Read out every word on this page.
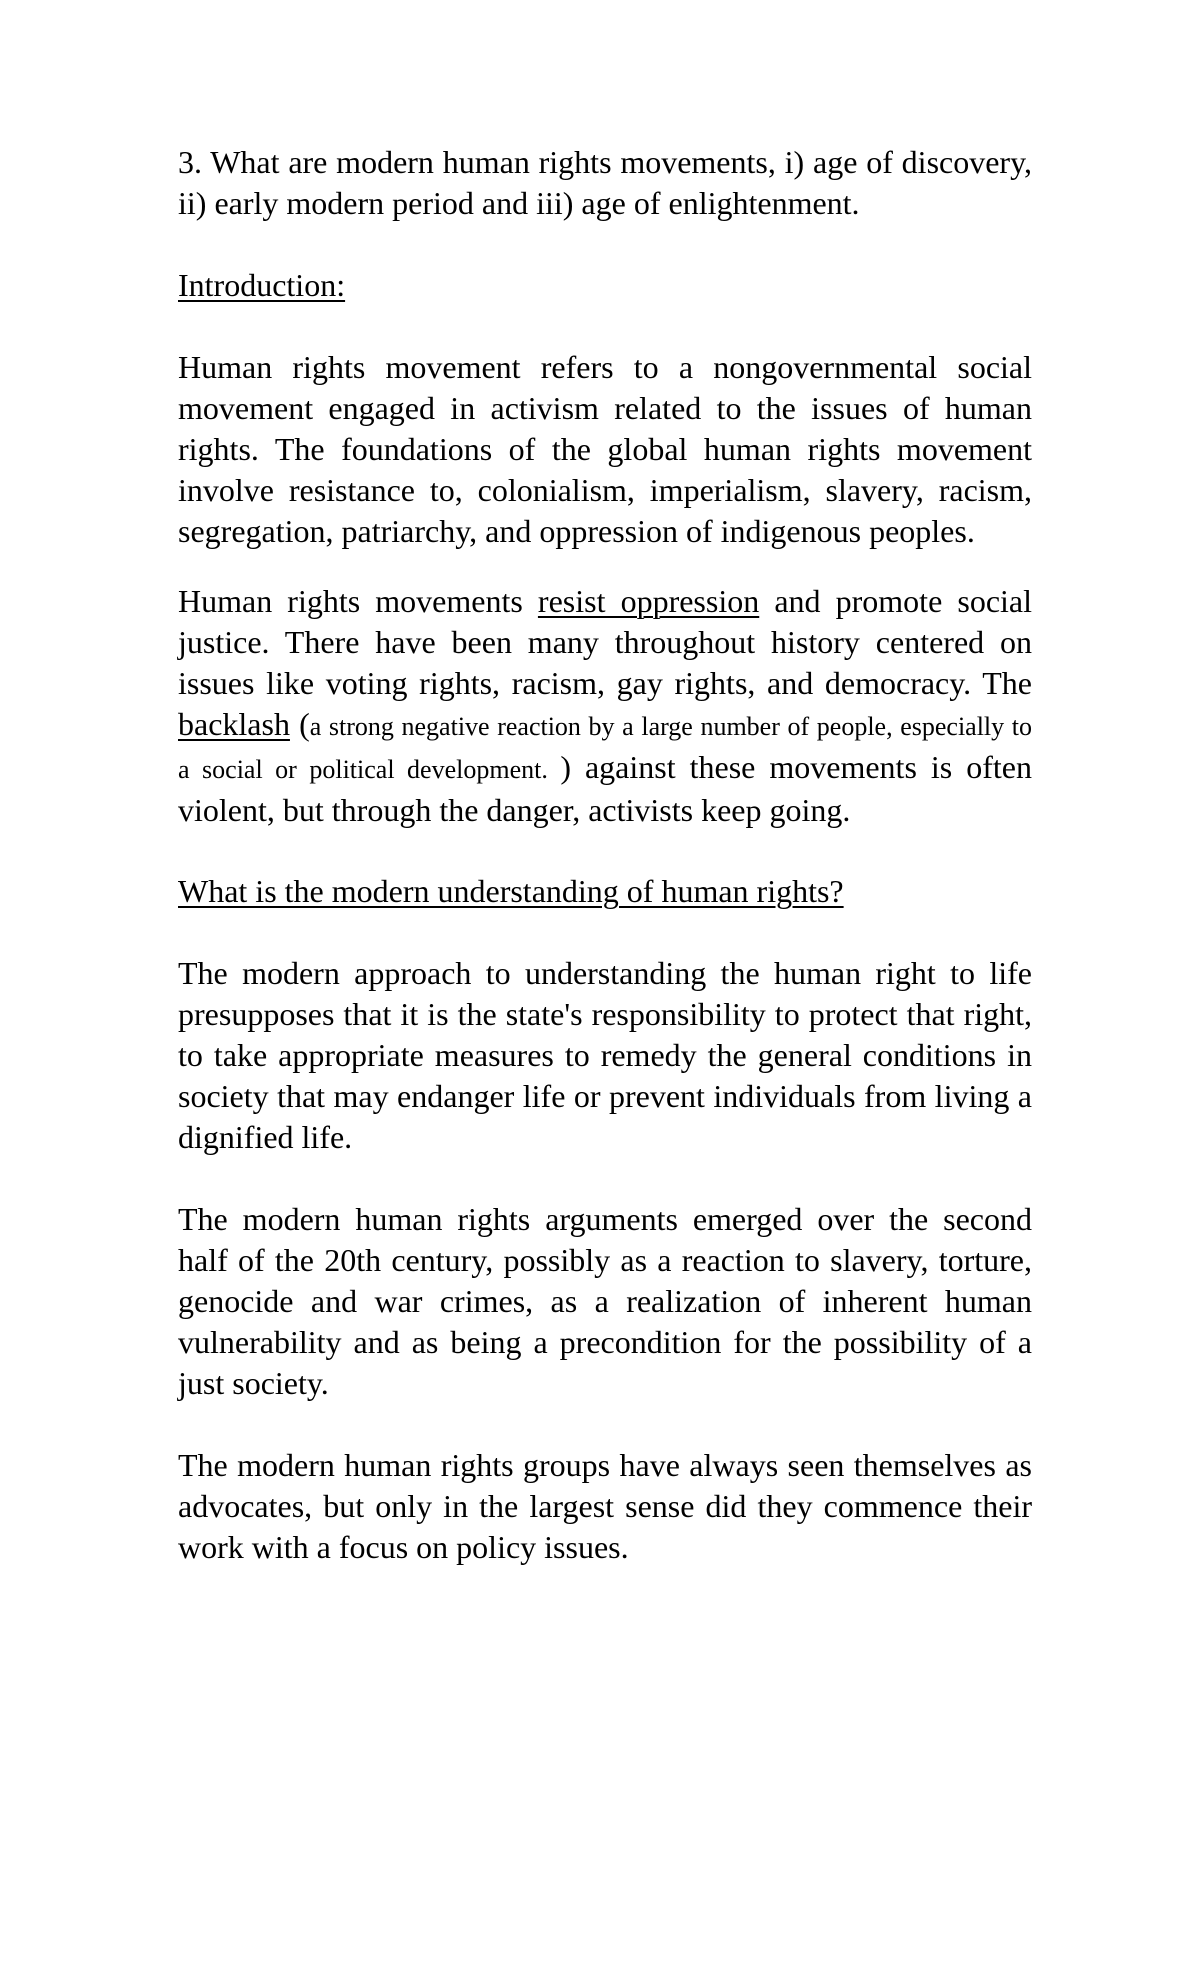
3. What are modern human rights movements, i) age of discovery, ii) early modern period and iii) age of enlightenment.

Introduction:

Human rights movement refers to a nongovernmental social movement engaged in activism related to the issues of human rights. The foundations of the global human rights movement involve resistance to, colonialism, imperialism, slavery, racism, segregation, patriarchy, and oppression of indigenous peoples.

Human rights movements resist oppression and promote social justice. There have been many throughout history centered on issues like voting rights, racism, gay rights, and democracy. The backlash (a strong negative reaction by a large number of people, especially to a social or political development. ) against these movements is often violent, but through the danger, activists keep going.

What is the modern understanding of human rights?

The modern approach to understanding the human right to life presupposes that it is the state's responsibility to protect that right, to take appropriate measures to remedy the general conditions in society that may endanger life or prevent individuals from living a dignified life.

The modern human rights arguments emerged over the second half of the 20th century, possibly as a reaction to slavery, torture, genocide and war crimes, as a realization of inherent human vulnerability and as being a precondition for the possibility of a just society.

The modern human rights groups have always seen themselves as advocates, but only in the largest sense did they commence their work with a focus on policy issues.
